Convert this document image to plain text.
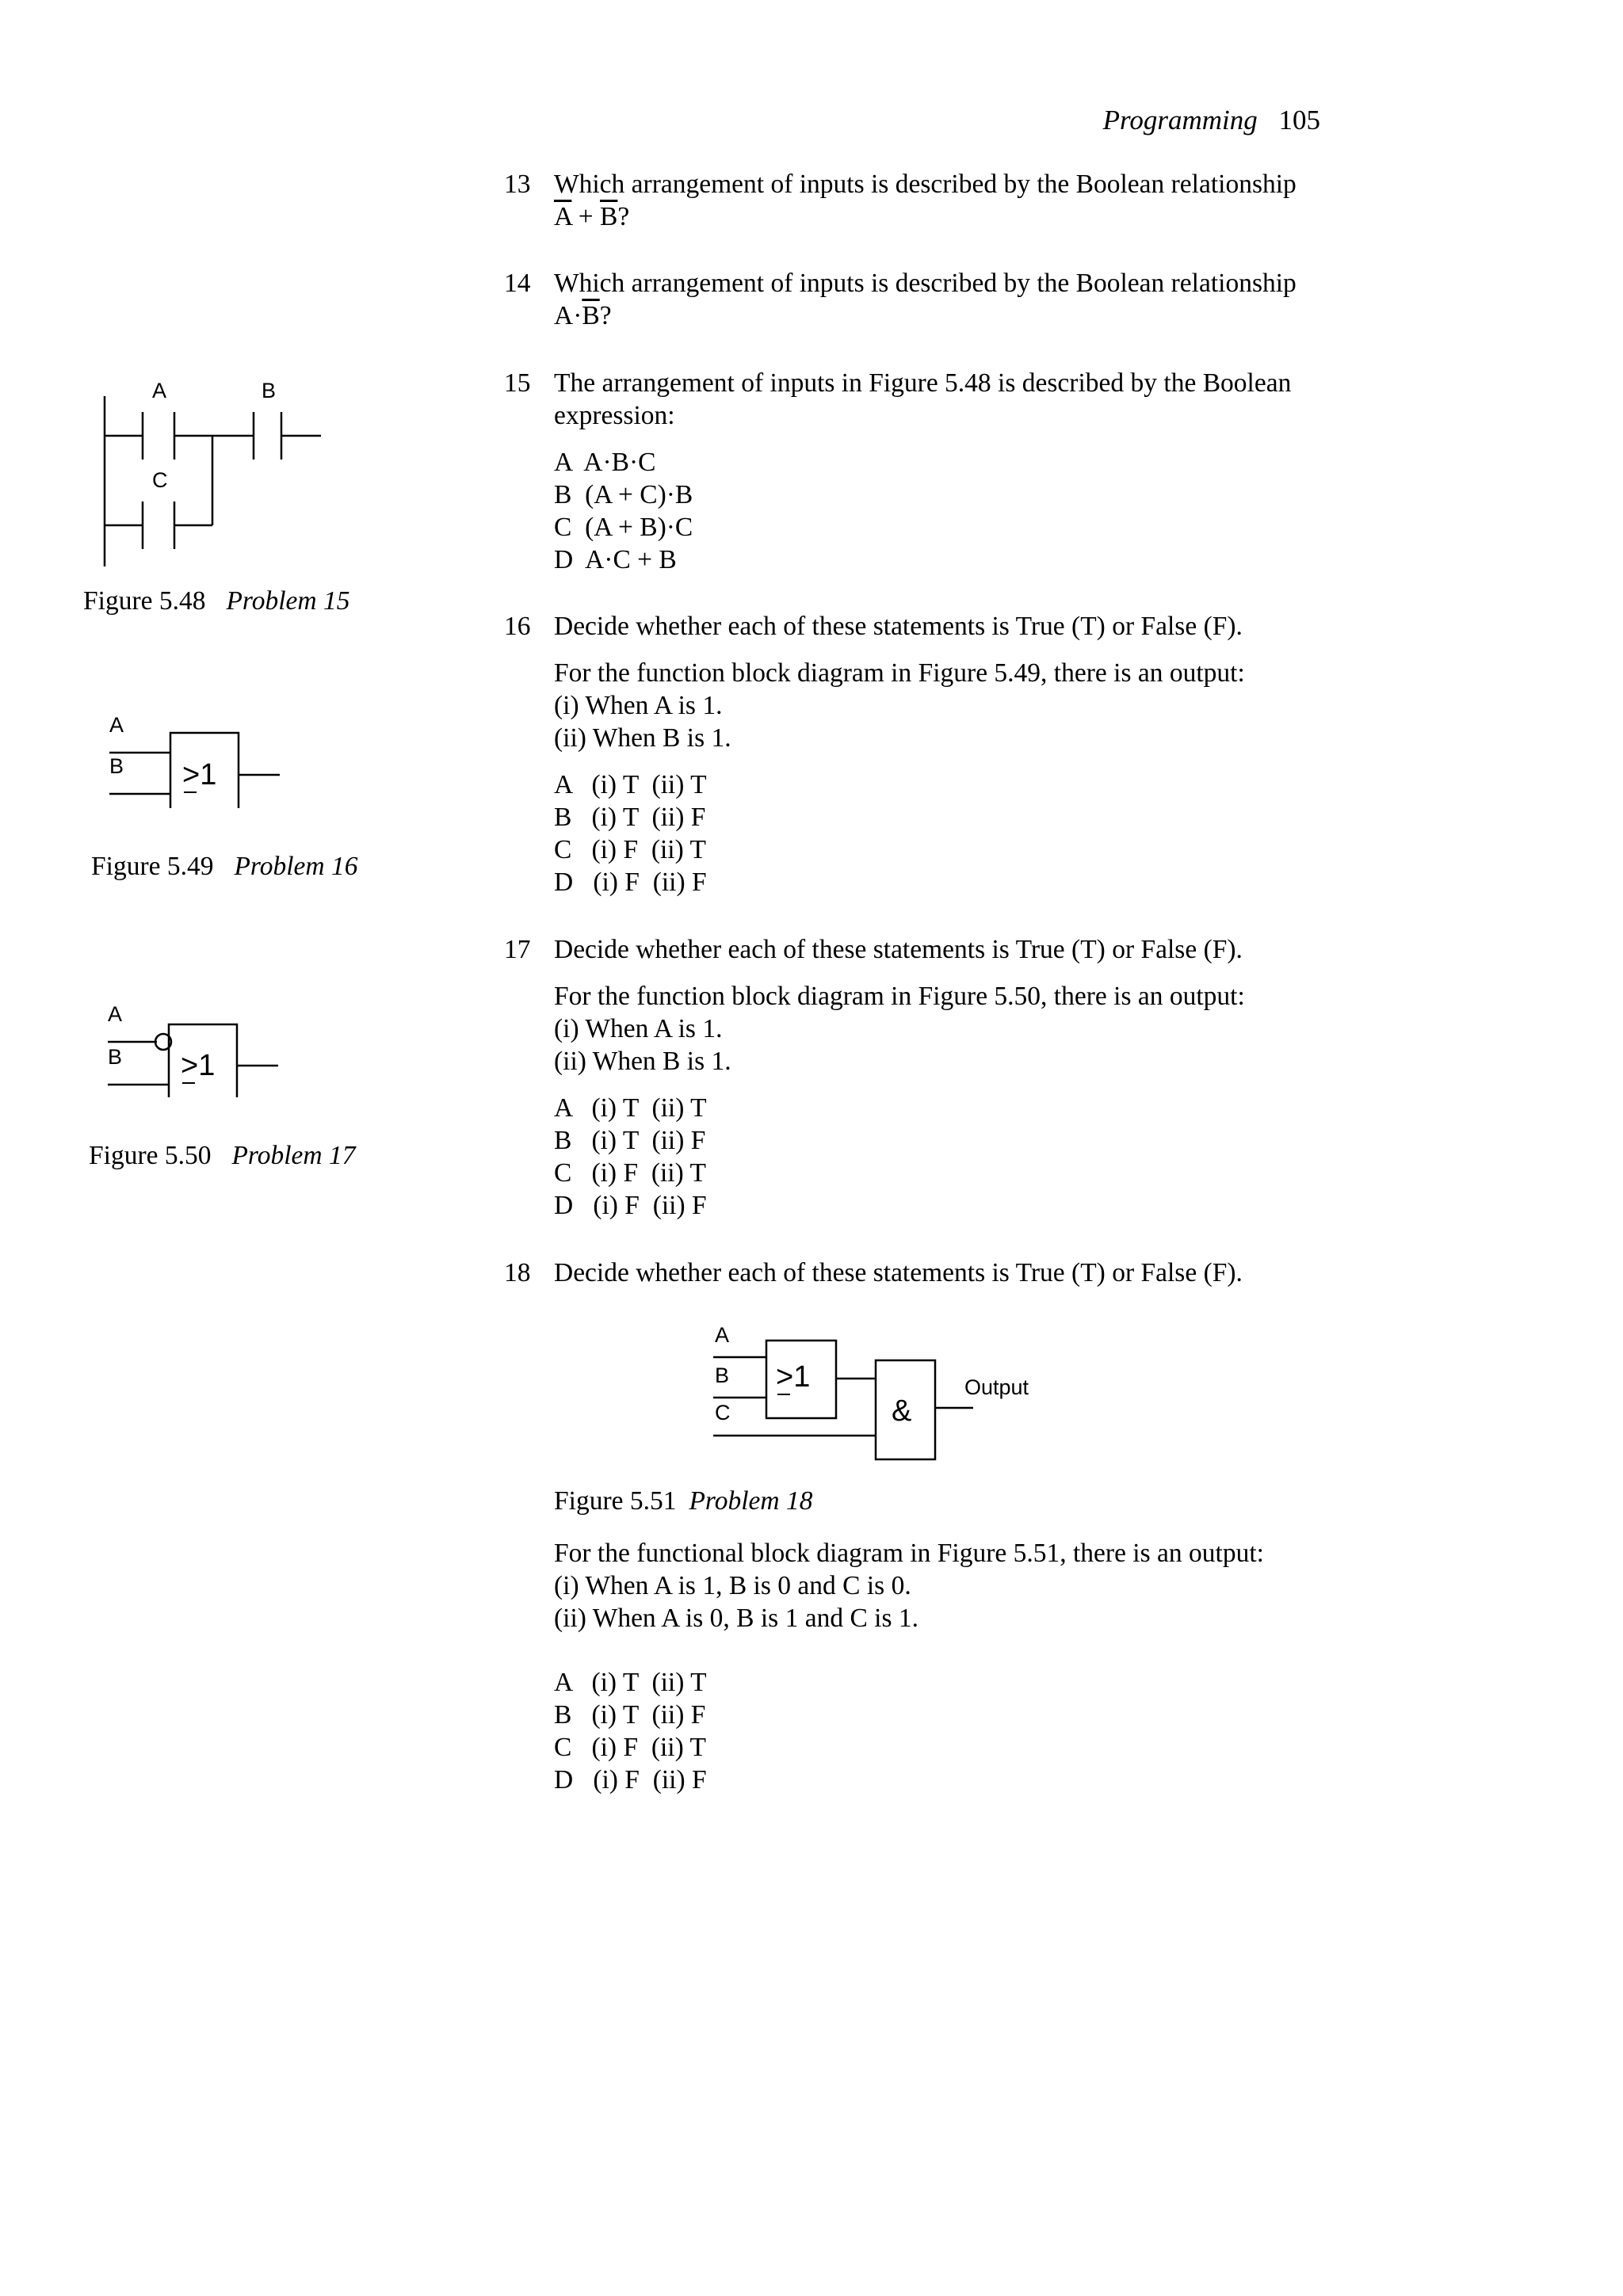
Programming 105
13 Which arrangement of inputs is described by the Boolean relationship

$\overline{A} + \overline{B}$?

14 Which arrangement of inputs is described by the Boolean relationship

$A\cdot\overline{B}$?

15 The arrangement of inputs in Figure 5.48 is described by the Boolean

expression:

A  A·B·C
B  (A + C)·B
C  (A + B)·C
D  A·C + B
16 Decide whether each of these statements is True (T) or False (F).

For the function block diagram in Figure 5.49, there is an output:

(i) When A is 1.

(ii) When B is 1.

A   (i) T  (ii) T
B   (i) T  (ii) F
C   (i) F  (ii) T
D   (i) F  (ii) F
17 Decide whether each of these statements is True (T) or False (F).

For the function block diagram in Figure 5.50, there is an output:

(i) When A is 1.

(ii) When B is 1.

A   (i) T  (ii) T
B   (i) T  (ii) F
C   (i) F  (ii) T
D   (i) F  (ii) F
18 Decide whether each of these statements is True (T) or False (F).

For the functional block diagram in Figure 5.51, there is an output:

(i) When A is 1, B is 0 and C is 0.

(ii) When A is 0, B is 1 and C is 1.

A   (i) T  (ii) T
B   (i) T  (ii) F
C   (i) F  (ii) T
D   (i) F  (ii) F
A	B
C
Figure 5.48 Problem 15
A
B >1
Figure 5.49 Problem 16
A
B >1
Figure 5.50 Problem 17
A
B
C
>1
&
Output
Figure 5.51 Problem 18
